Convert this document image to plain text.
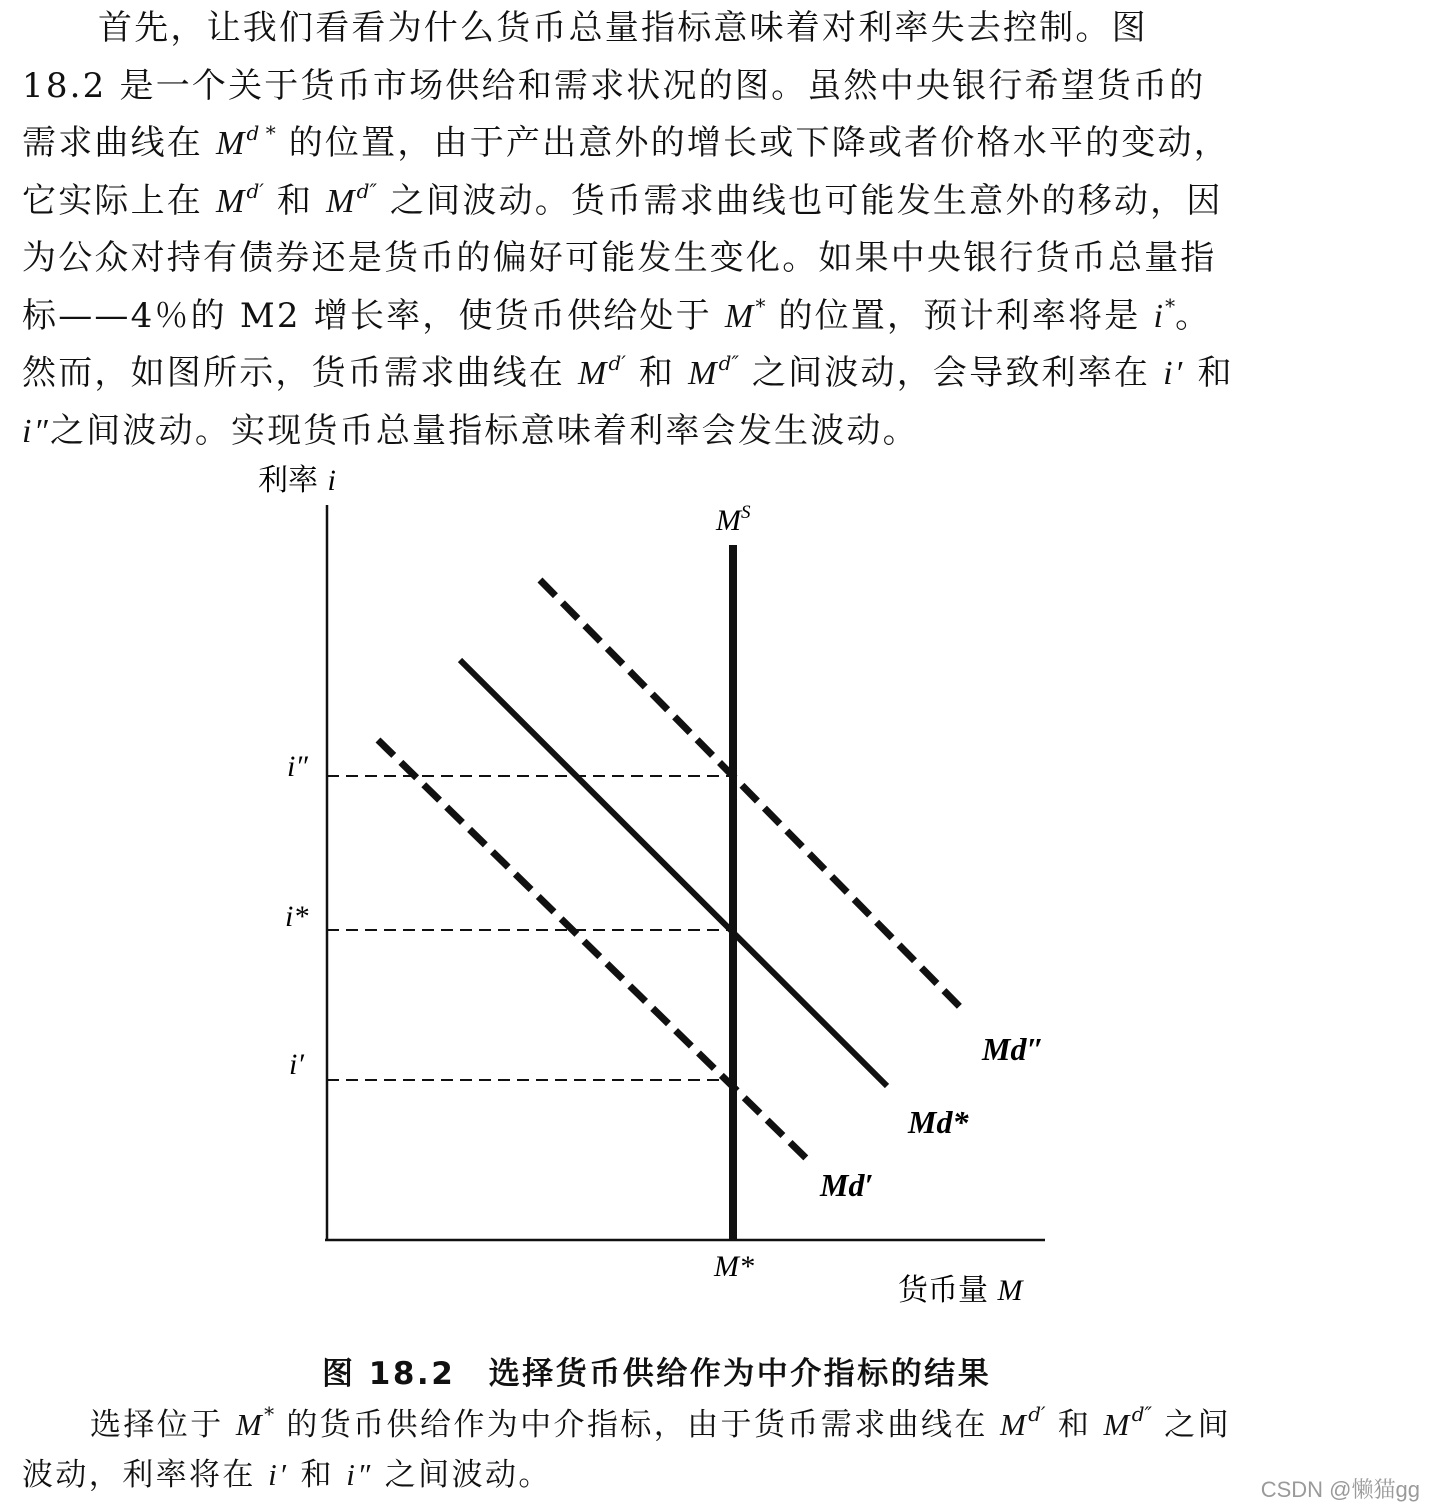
首先，让我们看看为什么货币总量指标意味着对利率失去控制。图
18.2 是一个关于货币市场供给和需求状况的图。虽然中央银行希望货币的
需求曲线在 $M^{d *}$ 的位置，由于产出意外的增长或下降或者价格水平的变动，
它实际上在 $M^{d'}$ 和 $M^{d''}$ 之间波动。货币需求曲线也可能发生意外的移动，因
为公众对持有债券还是货币的偏好可能发生变化。如果中央银行货币总量指
标——4％的 M2 增长率，使货币供给处于 M* 的位置，预计利率将是 i*。
然而，如图所示，货币需求曲线在 $M^{d'}$ 和 $M^{d''}$ 之间波动，会导致利率在 i′ 和
i″之间波动。实现货币总量指标意味着利率会发生波动。
利率 i
货币量 M
$M^S$
i″
i*
i′
M*
Md″
Md*
Md′
图 18.2　选择货币供给作为中介指标的结果
选择位于 M* 的货币供给作为中介指标，由于货币需求曲线在 $M^{d'}$ 和 $M^{d''}$ 之间
波动，利率将在 i′ 和 i″ 之间波动。	CSDN @懒猫gg
